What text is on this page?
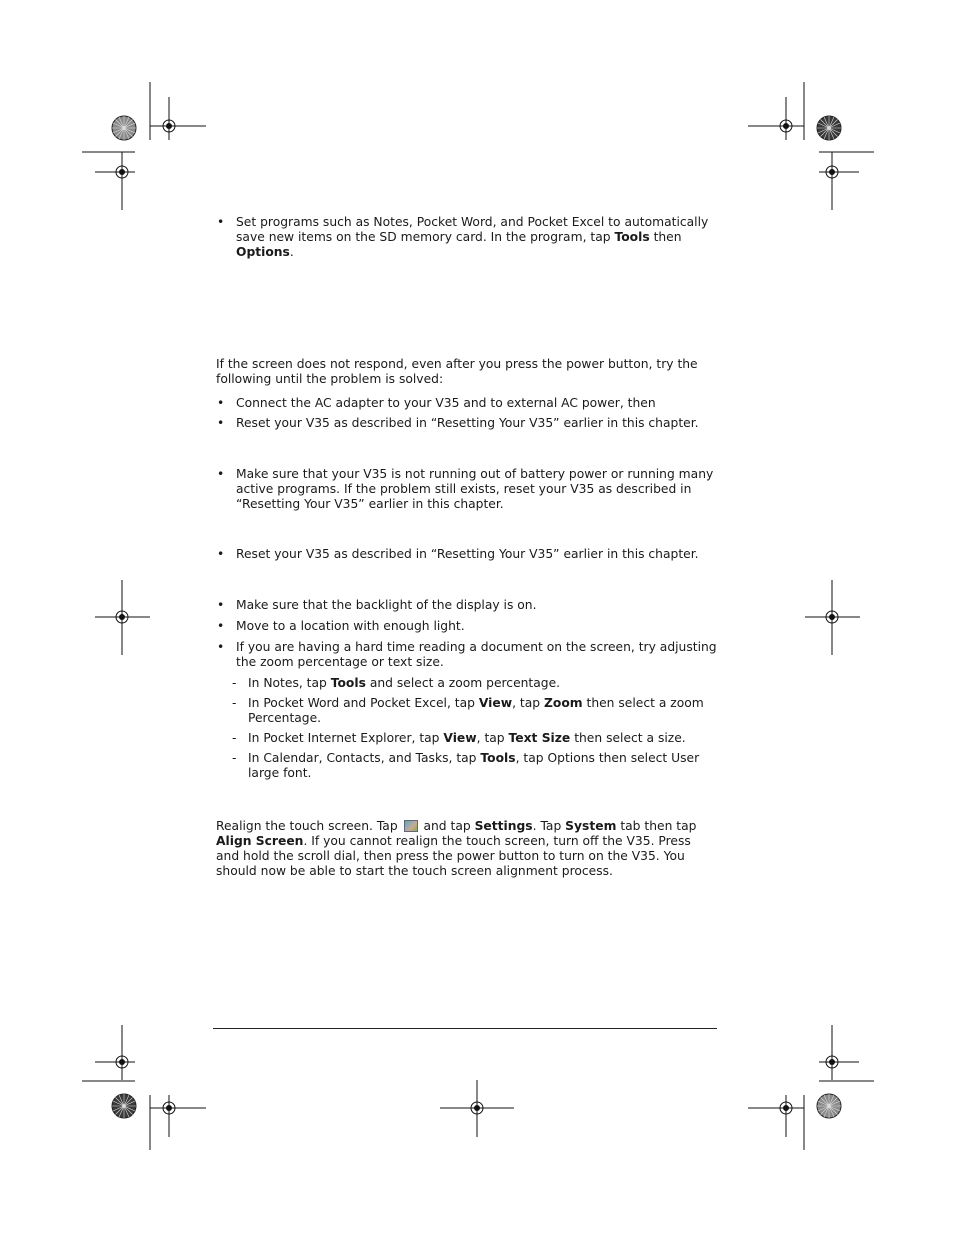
• Set programs such as Notes, Pocket Word, and Pocket Excel to automatically save new items on the SD memory card. In the program, tap Tools then Options.
If the screen does not respond, even after you press the power button, try the following until the problem is solved:
• Connect the AC adapter to your V35 and to external AC power, then
• Reset your V35 as described in “Resetting Your V35” earlier in this chapter.
• Make sure that your V35 is not running out of battery power or running many active programs. If the problem still exists, reset your V35 as described in “Resetting Your V35” earlier in this chapter.
• Reset your V35 as described in “Resetting Your V35” earlier in this chapter.
• Make sure that the backlight of the display is on.
• Move to a location with enough light.
• If you are having a hard time reading a document on the screen, try adjusting the zoom percentage or text size.
- In Notes, tap Tools and select a zoom percentage.
- In Pocket Word and Pocket Excel, tap View, tap Zoom then select a zoom Percentage.
- In Pocket Internet Explorer, tap View, tap Text Size then select a size.
- In Calendar, Contacts, and Tasks, tap Tools, tap Options then select User large font.
Realign the touch screen. Tap  and tap Settings. Tap System tab then tap Align Screen. If you cannot realign the touch screen, turn off the V35. Press and hold the scroll dial, then press the power button to turn on the V35. You should now be able to start the touch screen alignment process.
